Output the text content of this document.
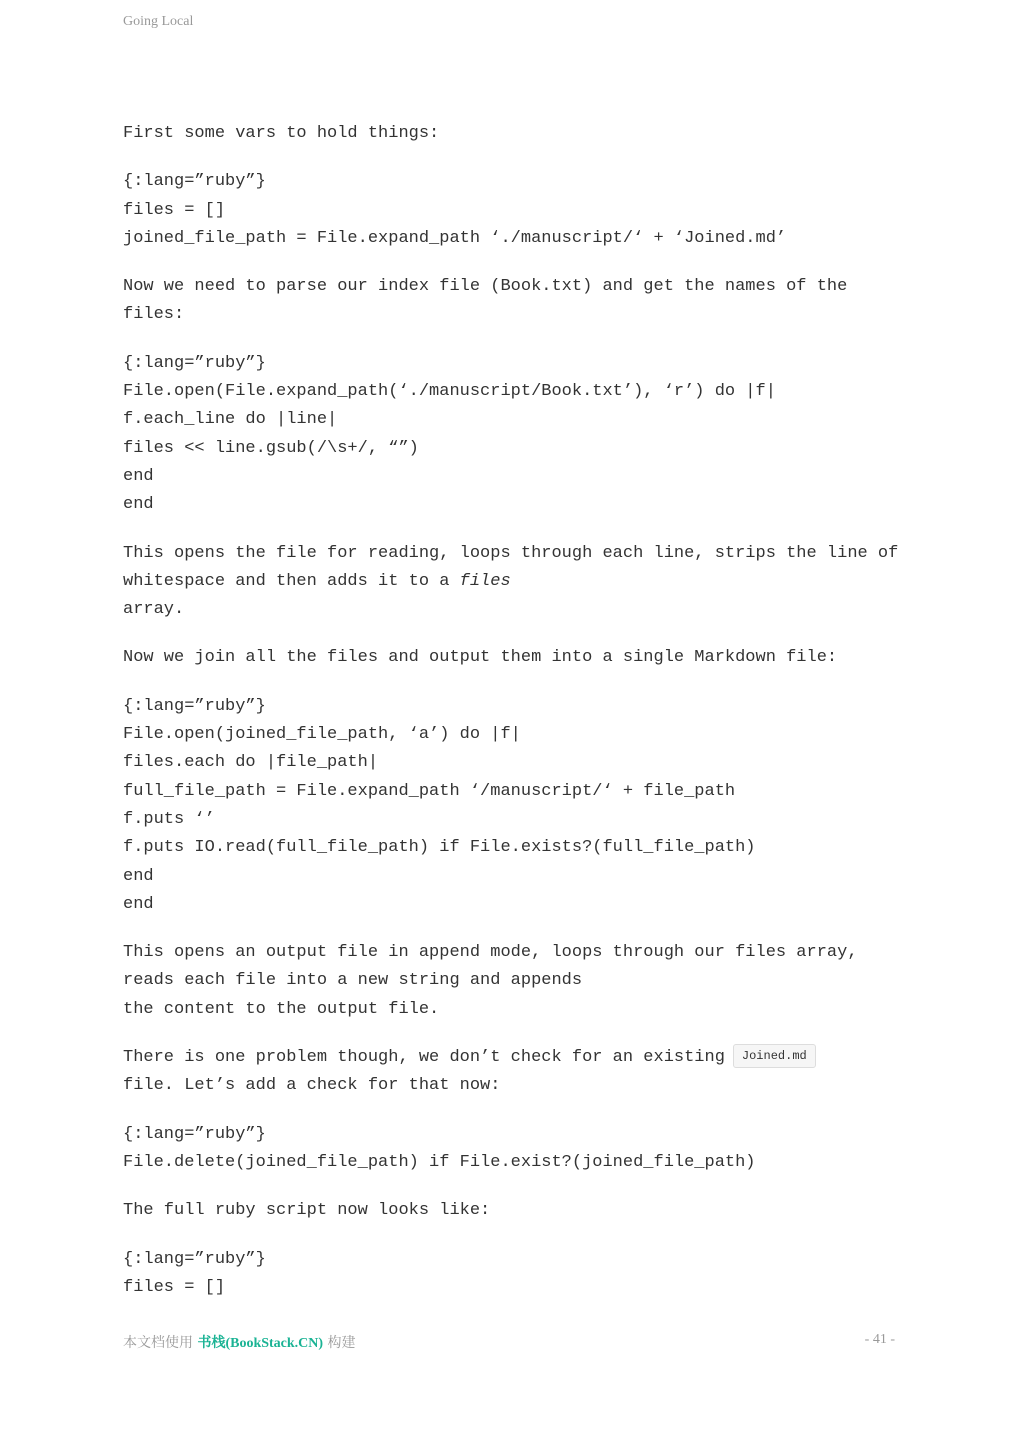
Going Local
First some vars to hold things:
{:lang=”ruby”}
files = []
joined_file_path = File.expand_path ‘./manuscript/‘ + ‘Joined.md’
Now we need to parse our index file (Book.txt) and get the names of the files:
{:lang=”ruby”}
File.open(File.expand_path(‘./manuscript/Book.txt’), ‘r’) do |f|
f.each_line do |line|
files << line.gsub(/\s+/, “”)
end
end
This opens the file for reading, loops through each line, strips the line of whitespace and then adds it to a files
array.
Now we join all the files and output them into a single Markdown file:
{:lang=”ruby”}
File.open(joined_file_path, ‘a’) do |f|
files.each do |file_path|
full_file_path = File.expand_path ‘/manuscript/‘ + file_path
f.puts ‘’
f.puts IO.read(full_file_path) if File.exists?(full_file_path)
end
end
This opens an output file in append mode, loops through our files array, reads each file into a new string and appends
the content to the output file.
There is one problem though, we don’t check for an existing Joined.md
file. Let’s add a check for that now:
{:lang=”ruby”}
File.delete(joined_file_path) if File.exist?(joined_file_path)
The full ruby script now looks like:
{:lang=”ruby”}
files = []
本文档使用 书栈(BookStack.CN) 构建	- 41 -
